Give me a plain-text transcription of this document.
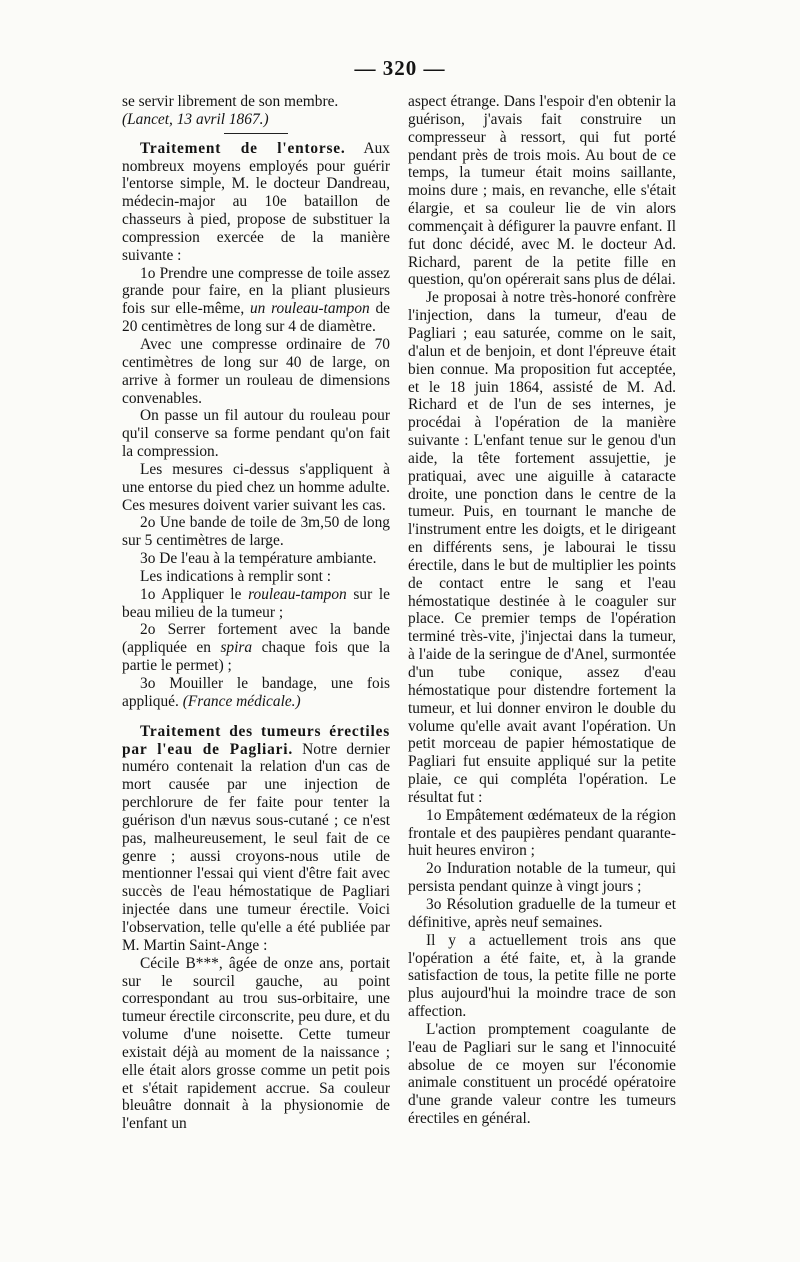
— 320 —

se servir librement de son membre.
(Lancet, 13 avril 1867.)

Traitement de l'entorse. Aux nombreux moyens employés pour guérir l'entorse simple, M. le docteur Dandreau, médecin-major au 10e bataillon de chasseurs à pied, propose de substituer la compression exercée de la manière suivante :

1o Prendre une compresse de toile assez grande pour faire, en la pliant plusieurs fois sur elle-même, un rouleau-tampon de 20 centimètres de long sur 4 de diamètre.

Avec une compresse ordinaire de 70 centimètres de long sur 40 de large, on arrive à former un rouleau de dimensions convenables.

On passe un fil autour du rouleau pour qu'il conserve sa forme pendant qu'on fait la compression.

Les mesures ci-dessus s'appliquent à une entorse du pied chez un homme adulte. Ces mesures doivent varier suivant les cas.

2o Une bande de toile de 3m,50 de long sur 5 centimètres de large.

3o De l'eau à la température ambiante.

Les indications à remplir sont :

1o Appliquer le rouleau-tampon sur le beau milieu de la tumeur ;

2o Serrer fortement avec la bande (appliquée en spira chaque fois que la partie le permet) ;

3o Mouiller le bandage, une fois appliqué. (France médicale.)

Traitement des tumeurs érectiles par l'eau de Pagliari. Notre dernier numéro contenait la relation d'un cas de mort causée par une injection de perchlorure de fer faite pour tenter la guérison d'un nævus sous-cutané ; ce n'est pas, malheureusement, le seul fait de ce genre ; aussi croyons-nous utile de mentionner l'essai qui vient d'être fait avec succès de l'eau hémostatique de Pagliari injectée dans une tumeur érectile. Voici l'observation, telle qu'elle a été publiée par M. Martin Saint-Ange :

Cécile B***, âgée de onze ans, portait sur le sourcil gauche, au point correspondant au trou sus-orbitaire, une tumeur érectile circonscrite, peu dure, et du volume d'une noisette. Cette tumeur existait déjà au moment de la naissance ; elle était alors grosse comme un petit pois et s'était rapidement accrue. Sa couleur bleuâtre donnait à la physionomie de l'enfant un

aspect étrange. Dans l'espoir d'en obtenir la guérison, j'avais fait construire un compresseur à ressort, qui fut porté pendant près de trois mois. Au bout de ce temps, la tumeur était moins saillante, moins dure ; mais, en revanche, elle s'était élargie, et sa couleur lie de vin alors commençait à défigurer la pauvre enfant. Il fut donc décidé, avec M. le docteur Ad. Richard, parent de la petite fille en question, qu'on opérerait sans plus de délai.

Je proposai à notre très-honoré confrère l'injection, dans la tumeur, d'eau de Pagliari ; eau saturée, comme on le sait, d'alun et de benjoin, et dont l'épreuve était bien connue. Ma proposition fut acceptée, et le 18 juin 1864, assisté de M. Ad. Richard et de l'un de ses internes, je procédai à l'opération de la manière suivante : L'enfant tenue sur le genou d'un aide, la tête fortement assujettie, je pratiquai, avec une aiguille à cataracte droite, une ponction dans le centre de la tumeur. Puis, en tournant le manche de l'instrument entre les doigts, et le dirigeant en différents sens, je labourai le tissu érectile, dans le but de multiplier les points de contact entre le sang et l'eau hémostatique destinée à le coaguler sur place. Ce premier temps de l'opération terminé très-vite, j'injectai dans la tumeur, à l'aide de la seringue de d'Anel, surmontée d'un tube conique, assez d'eau hémostatique pour distendre fortement la tumeur, et lui donner environ le double du volume qu'elle avait avant l'opération. Un petit morceau de papier hémostatique de Pagliari fut ensuite appliqué sur la petite plaie, ce qui compléta l'opération. Le résultat fut :

1o Empâtement œdémateux de la région frontale et des paupières pendant quarante-huit heures environ ;

2o Induration notable de la tumeur, qui persista pendant quinze à vingt jours ;

3o Résolution graduelle de la tumeur et définitive, après neuf semaines.

Il y a actuellement trois ans que l'opération a été faite, et, à la grande satisfaction de tous, la petite fille ne porte plus aujourd'hui la moindre trace de son affection.

L'action promptement coagulante de l'eau de Pagliari sur le sang et l'innocuité absolue de ce moyen sur l'économie animale constituent un procédé opératoire d'une grande valeur contre les tumeurs érectiles en général.
